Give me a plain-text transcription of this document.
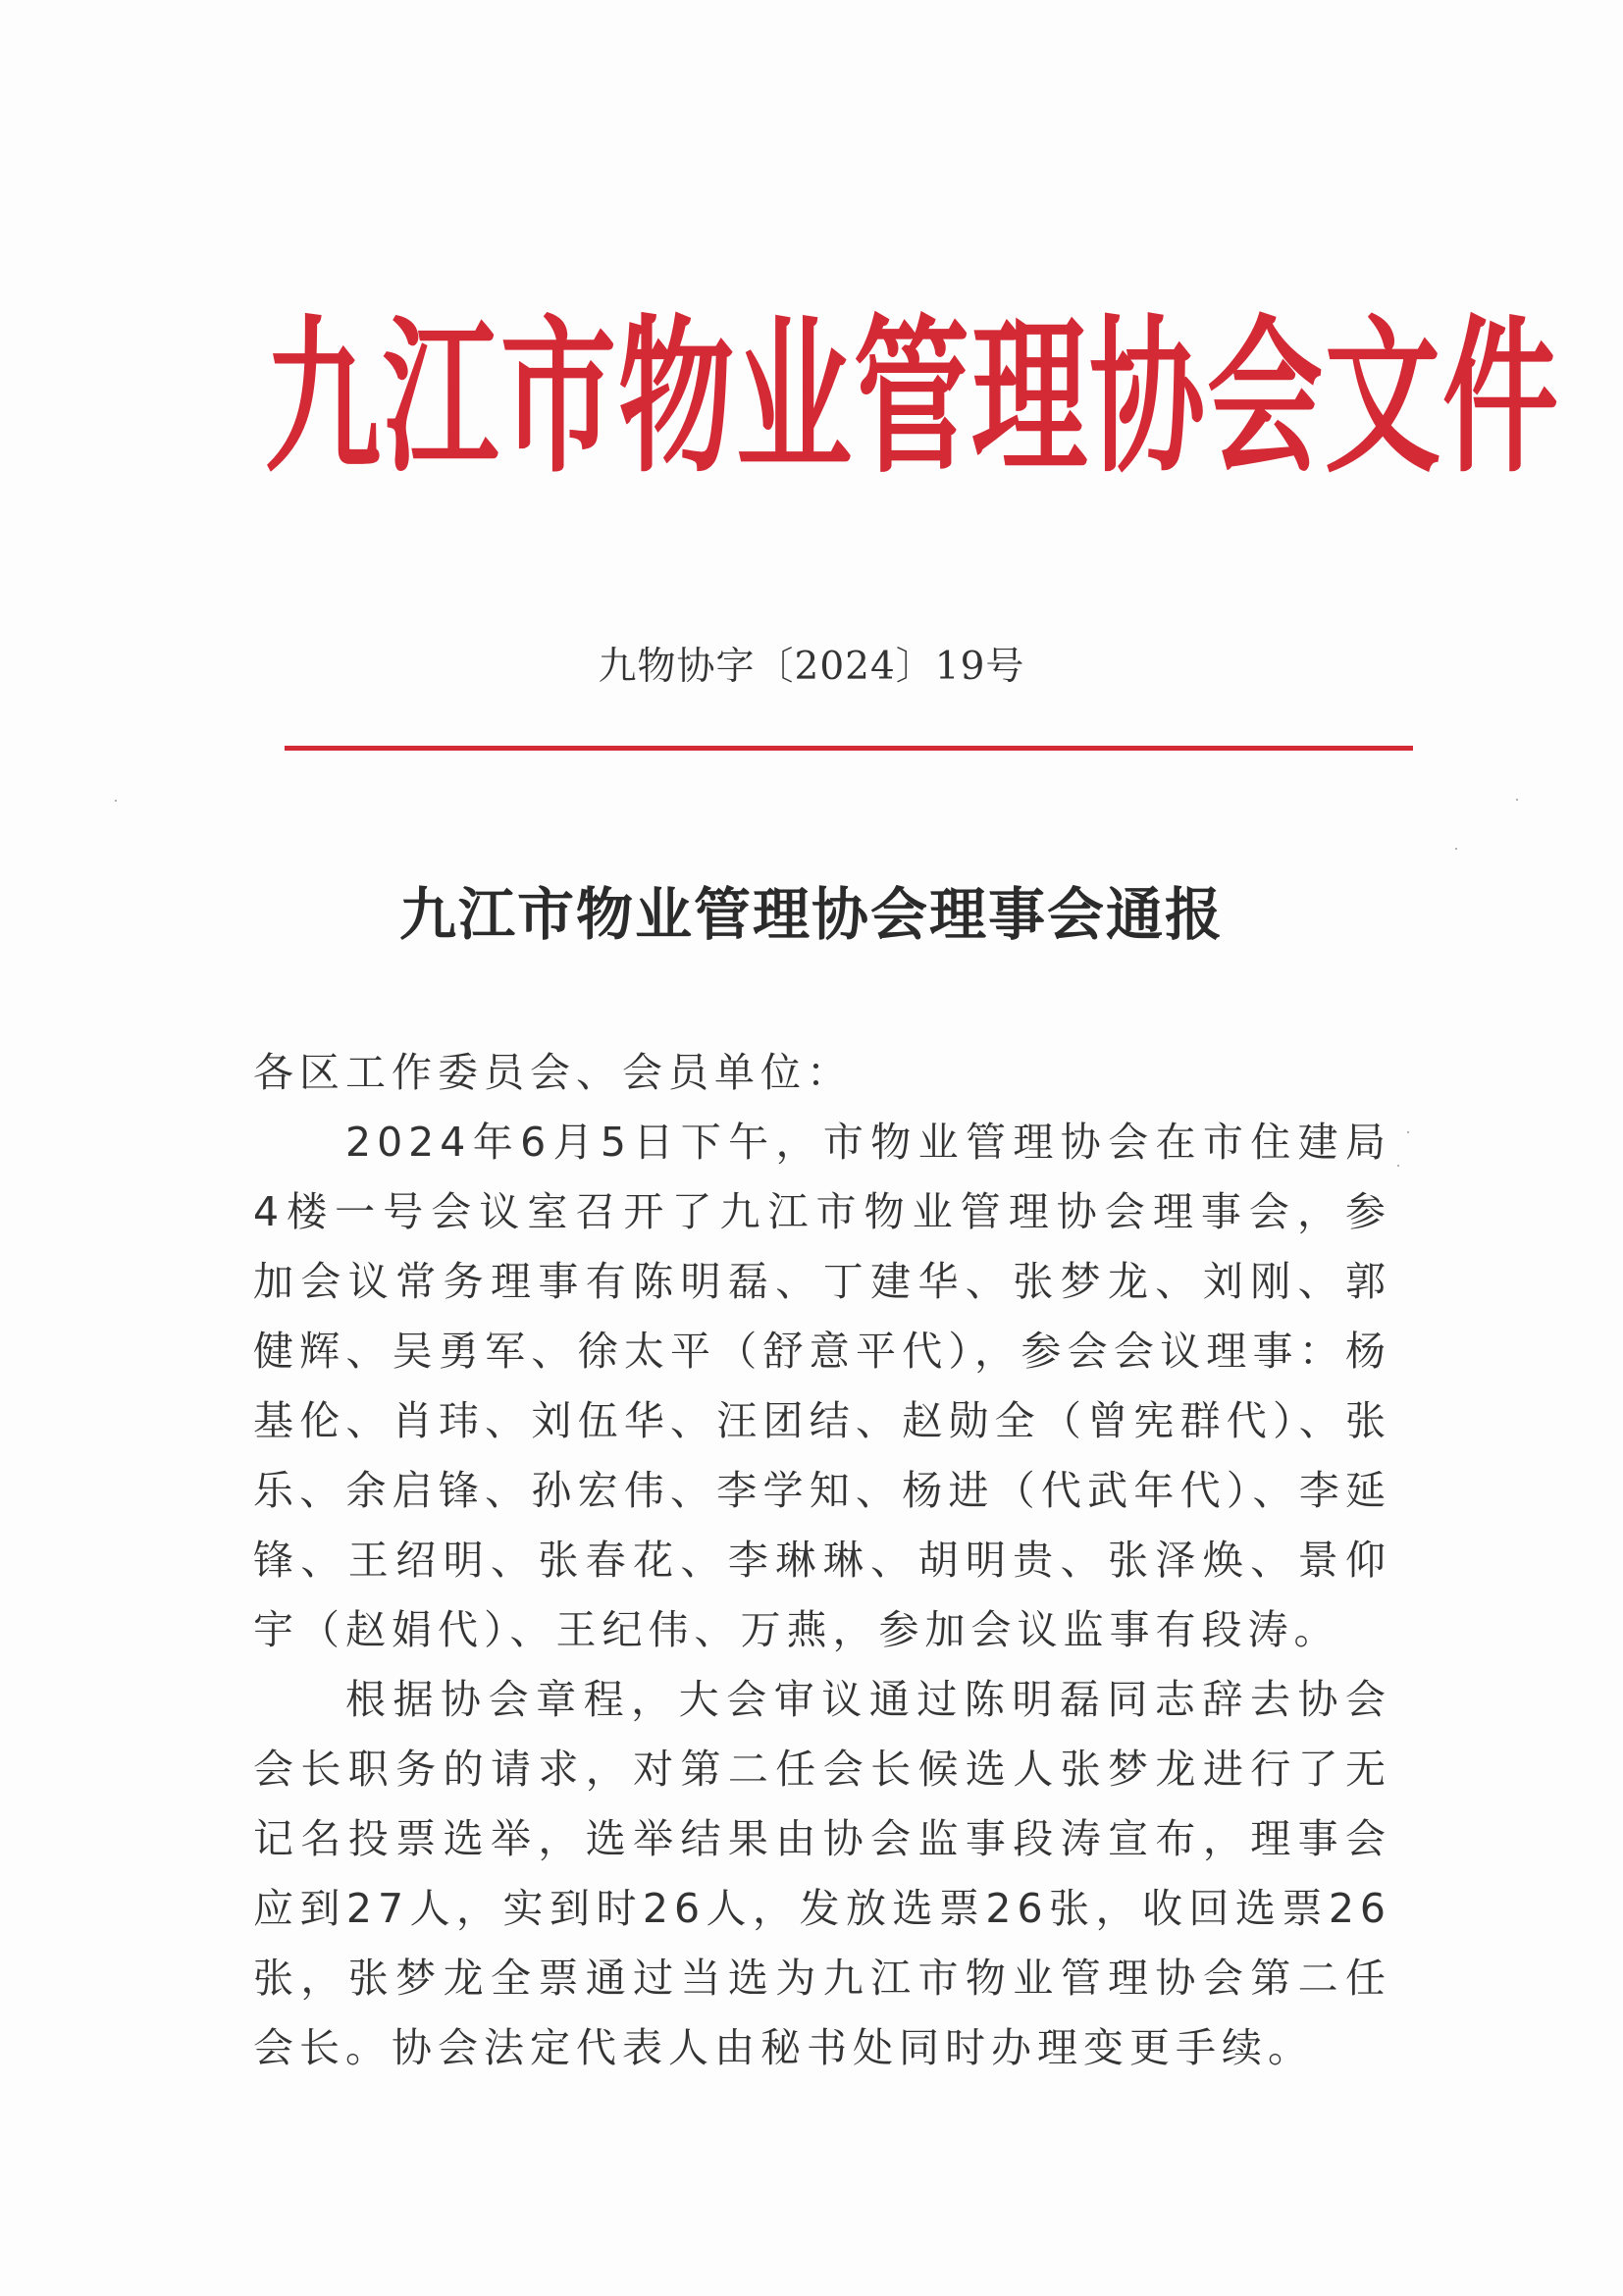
九江市物业管理协会文件
九物协字〔2024〕19号
九江市物业管理协会理事会通报

各区工作委员会、会员单位：

2024年6月5日下午，市物业管理协会在市住建局4楼一号会议室召开了九江市物业管理协会理事会，参加会议常务理事有陈明磊、丁建华、张梦龙、刘刚、郭健辉、吴勇军、徐太平（舒意平代），参会会议理事：杨基伦、肖玮、刘伍华、汪团结、赵勋全（曾宪群代）、张乐、余启锋、孙宏伟、李学知、杨进（代武年代）、李延锋、王绍明、张春花、李琳琳、胡明贵、张泽焕、景仰宇（赵娟代）、王纪伟、万燕，参加会议监事有段涛。

根据协会章程，大会审议通过陈明磊同志辞去协会会长职务的请求，对第二任会长候选人张梦龙进行了无记名投票选举，选举结果由协会监事段涛宣布，理事会应到27人，实到时26人，发放选票26张，收回选票26张，张梦龙全票通过当选为九江市物业管理协会第二任会长。协会法定代表人由秘书处同时办理变更手续。
